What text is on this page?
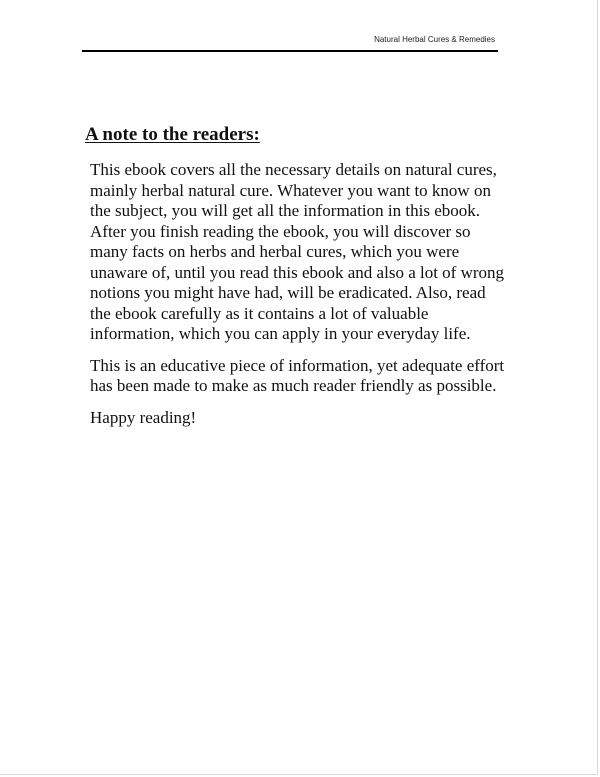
Natural Herbal Cures & Remedies
A note to the readers:

This ebook covers all the necessary details on natural cures, mainly herbal natural cure. Whatever you want to know on the subject, you will get all the information in this ebook. After you finish reading the ebook, you will discover so many facts on herbs and herbal cures, which you were unaware of, until you read this ebook and also a lot of wrong notions you might have had, will be eradicated. Also, read the ebook carefully as it contains a lot of valuable information, which you can apply in your everyday life.

This is an educative piece of information, yet adequate effort has been made to make as much reader friendly as possible.

Happy reading!
